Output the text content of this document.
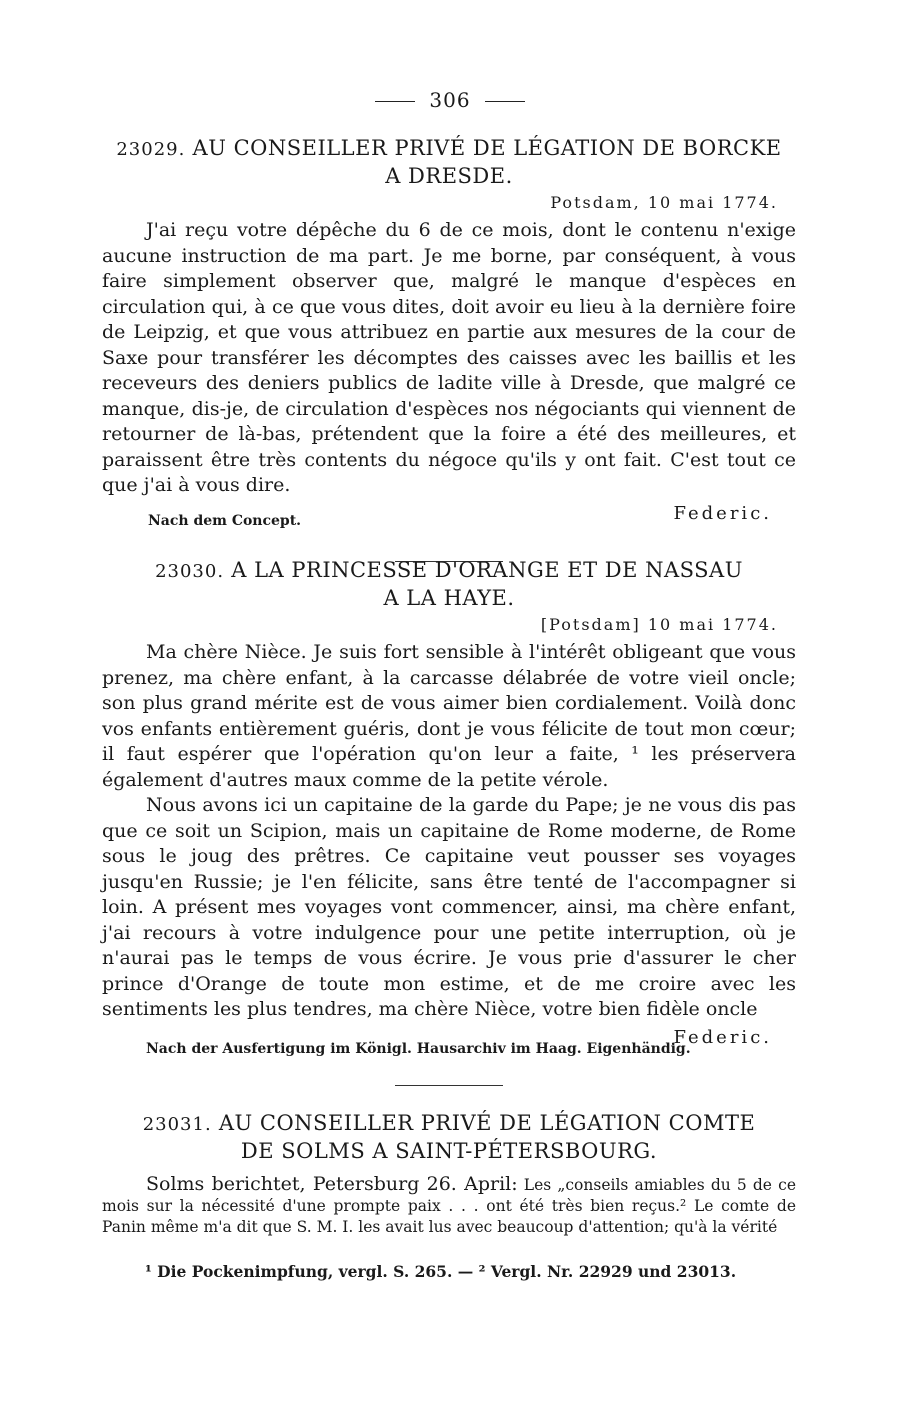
306
23029. AU CONSEILLER PRIVÉ DE LÉGATION DE BORCKE
A DRESDE.
Potsdam, 10 mai 1774.

J'ai reçu votre dépêche du 6 de ce mois, dont le contenu n'exige aucune instruction de ma part. Je me borne, par conséquent, à vous faire simplement observer que, malgré le manque d'espèces en circulation qui, à ce que vous dites, doit avoir eu lieu à la dernière foire de Leipzig, et que vous attribuez en partie aux mesures de la cour de Saxe pour transférer les décomptes des caisses avec les baillis et les receveurs des deniers publics de ladite ville à Dresde, que malgré ce manque, dis-je, de circulation d'espèces nos négociants qui viennent de retourner de là-bas, prétendent que la foire a été des meilleures, et paraissent être très contents du négoce qu'ils y ont fait. C'est tout ce que j'ai à vous dire.

Nach dem Concept.	Federic.
23030. A LA PRINCESSE D'ORANGE ET DE NASSAU
A LA HAYE.
[Potsdam] 10 mai 1774.

Ma chère Nièce. Je suis fort sensible à l'intérêt obligeant que vous prenez, ma chère enfant, à la carcasse délabrée de votre vieil oncle; son plus grand mérite est de vous aimer bien cordialement. Voilà donc vos enfants entièrement guéris, dont je vous félicite de tout mon cœur; il faut espérer que l'opération qu'on leur a faite, ¹ les préservera également d'autres maux comme de la petite vérole.

Nous avons ici un capitaine de la garde du Pape; je ne vous dis pas que ce soit un Scipion, mais un capitaine de Rome moderne, de Rome sous le joug des prêtres. Ce capitaine veut pousser ses voyages jusqu'en Russie; je l'en félicite, sans être tenté de l'accompagner si loin. A présent mes voyages vont commencer, ainsi, ma chère enfant, j'ai recours à votre indulgence pour une petite interruption, où je n'aurai pas le temps de vous écrire. Je vous prie d'assurer le cher prince d'Orange de toute mon estime, et de me croire avec les sentiments les plus tendres, ma chère Nièce, votre bien fidèle oncle

Nach der Ausfertigung im Königl. Hausarchiv im Haag. Eigenhändig.
Federic.
23031. AU CONSEILLER PRIVÉ DE LÉGATION COMTE
DE SOLMS A SAINT-PÉTERSBOURG.

Solms berichtet, Petersburg 26. April: Les „conseils amiables du 5 de ce mois sur la nécessité d'une prompte paix . . . ont été très bien reçus.² Le comte de Panin même m'a dit que S. M. I. les avait lus avec beaucoup d'attention; qu'à la vérité

¹ Die Pockenimpfung, vergl. S. 265. — ² Vergl. Nr. 22929 und 23013.
